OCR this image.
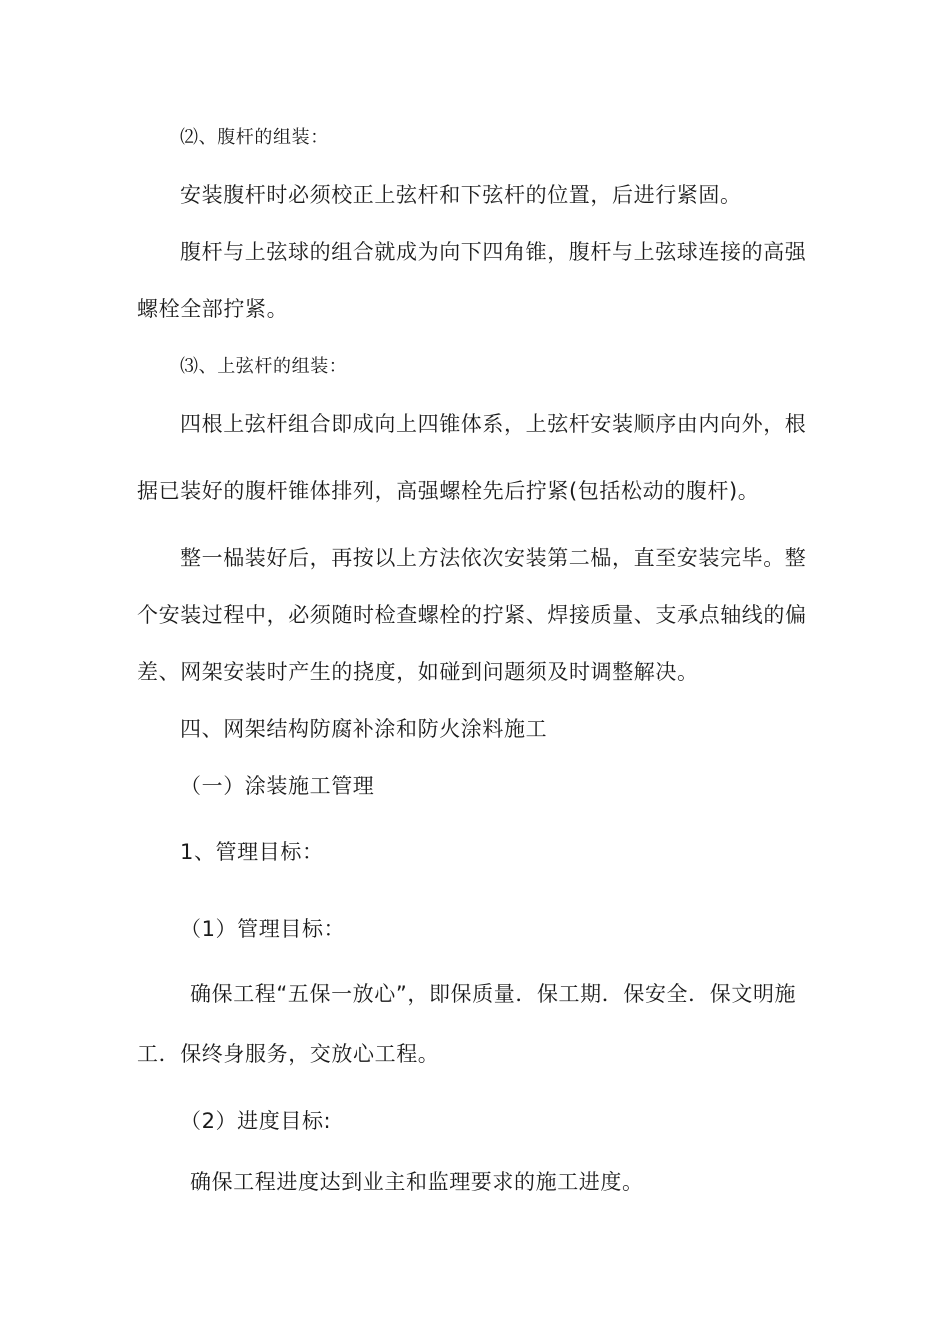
⑵、腹杆的组装：
安装腹杆时必须校正上弦杆和下弦杆的位置，后进行紧固。
腹杆与上弦球的组合就成为向下四角锥，腹杆与上弦球连接的高强
螺栓全部拧紧。
⑶、上弦杆的组装：
四根上弦杆组合即成向上四锥体系，上弦杆安装顺序由内向外，根
据已装好的腹杆锥体排列，高强螺栓先后拧紧(包括松动的腹杆)。
整一榀装好后，再按以上方法依次安装第二榀，直至安装完毕。整
个安装过程中，必须随时检查螺栓的拧紧、焊接质量、支承点轴线的偏
差、网架安装时产生的挠度，如碰到问题须及时调整解决。
四、网架结构防腐补涂和防火涂料施工
（一）涂装施工管理
1、管理目标：
（1）管理目标：
确保工程“五保一放心”，即保质量．保工期．保安全．保文明施
工．保终身服务，交放心工程。
（2）进度目标:
确保工程进度达到业主和监理要求的施工进度。
